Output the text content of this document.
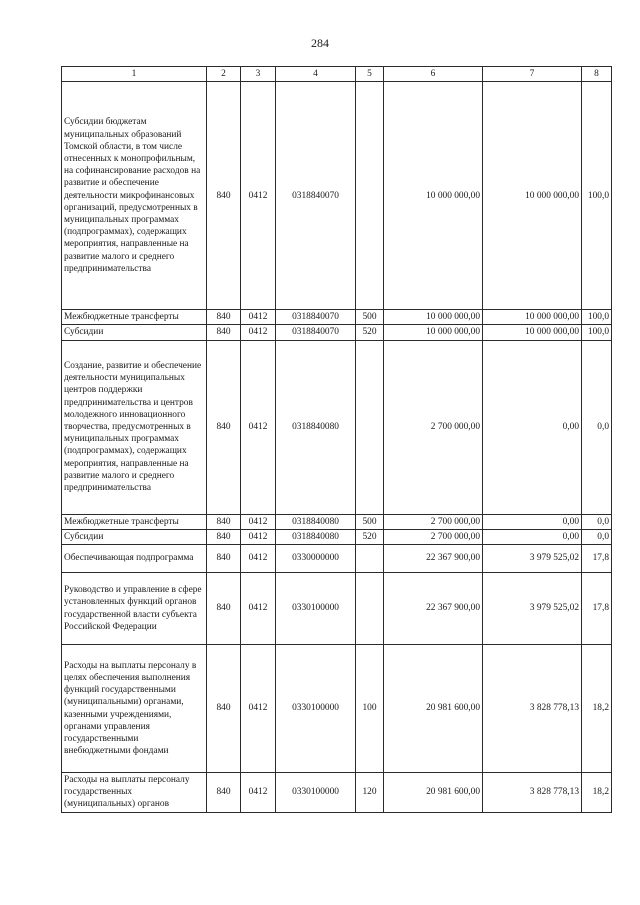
284
1	2	3	4	5	6	7	8
Субсидии бюджетам муниципальных образований Томской области, в том числе отнесенных к монопрофильным, на софинансирование расходов на развитие и обеспечение деятельности микрофинансовых организаций, предусмотренных в муниципальных программах (подпрограммах), содержащих мероприятия, направленные на развитие малого и среднего предпринимательства	840	0412	0318840070		10 000 000,00	10 000 000,00	100,0
Межбюджетные трансферты	840	0412	0318840070	500	10 000 000,00	10 000 000,00	100,0
Субсидии	840	0412	0318840070	520	10 000 000,00	10 000 000,00	100,0
Создание, развитие и обеспечение деятельности муниципальных центров поддержки предпринимательства и центров молодежного инновационного творчества, предусмотренных в муниципальных программах (подпрограммах), содержащих мероприятия, направленные на развитие малого и среднего предпринимательства	840	0412	0318840080		2 700 000,00	0,00	0,0
Межбюджетные трансферты	840	0412	0318840080	500	2 700 000,00	0,00	0,0
Субсидии	840	0412	0318840080	520	2 700 000,00	0,00	0,0
Обеспечивающая подпрограмма	840	0412	0330000000		22 367 900,00	3 979 525,02	17,8
Руководство и управление в сфере установленных функций органов государственной власти субъекта Российской Федерации	840	0412	0330100000		22 367 900,00	3 979 525,02	17,8
Расходы на выплаты персоналу в целях обеспечения выполнения функций государственными (муниципальными) органами, казенными учреждениями, органами управления государственными внебюджетными фондами	840	0412	0330100000	100	20 981 600,00	3 828 778,13	18,2
Расходы на выплаты персоналу государственных (муниципальных) органов	840	0412	0330100000	120	20 981 600,00	3 828 778,13	18,2
